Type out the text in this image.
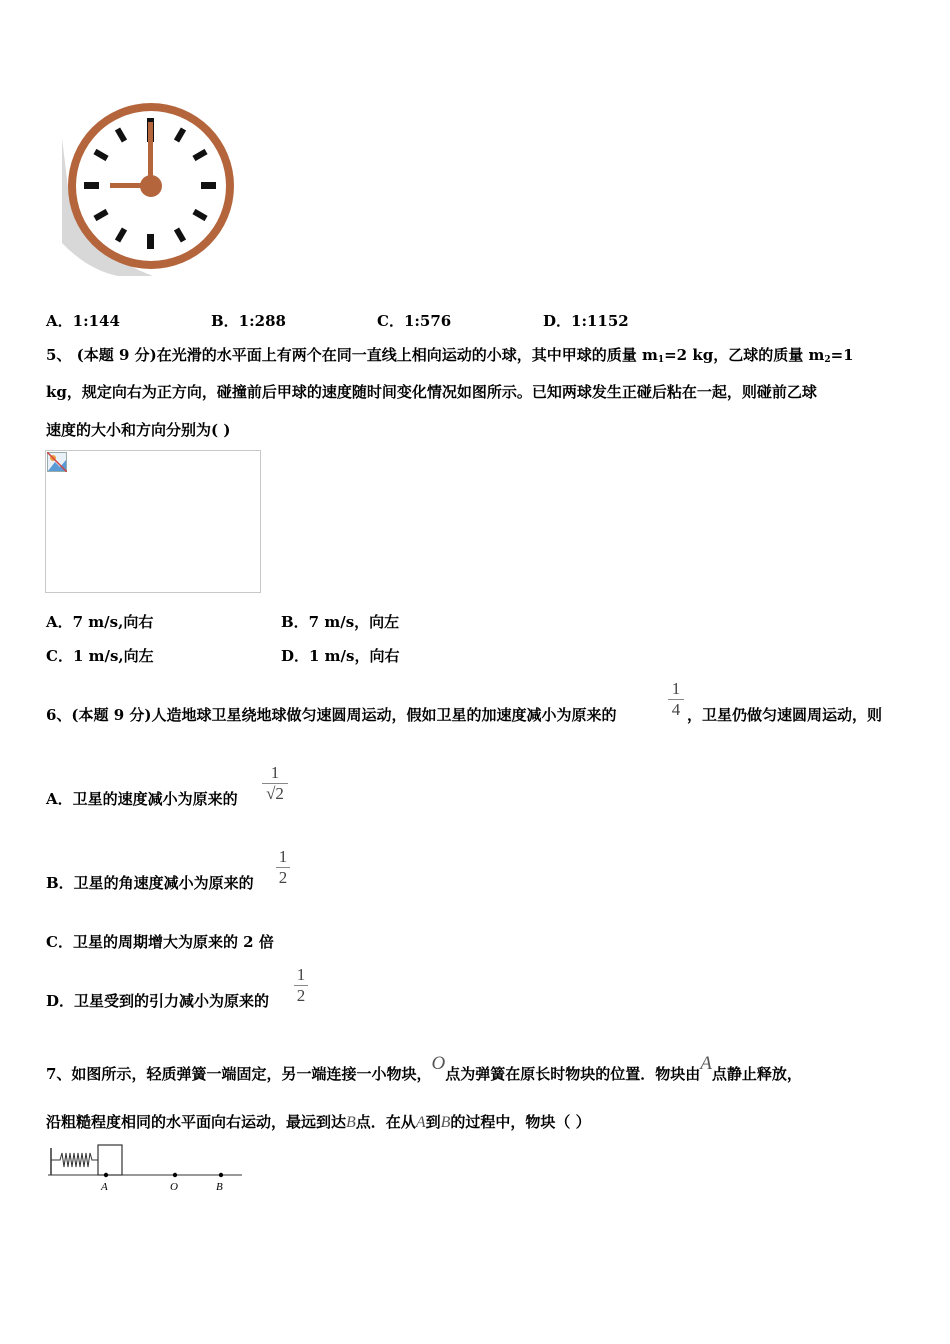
A．1:144	B．1:288	C．1:576	D．1:1152
5、 (本题 9 分)在光滑的水平面上有两个在同一直线上相向运动的小球，其中甲球的质量 $m_1=2$ kg，乙球的质量 $m_2=1$
kg，规定向右为正方向，碰撞前后甲球的速度随时间变化情况如图所示。已知两球发生正碰后粘在一起，则碰前乙球
速度的大小和方向分别为( )
A．7 m/s,向右	B．7 m/s，向左
C．1 m/s,向左	D．1 m/s，向右
6、(本题 9 分)人造地球卫星绕地球做匀速圆周运动，假如卫星的加速度减小为原来的
1
4 ，卫星仍做匀速圆周运动，则
A．卫星的速度减小为原来的
1
√2
B．卫星的角速度减小为原来的
1
2
C．卫星的周期增大为原来的 2 倍
D．卫星受到的引力减小为原来的
1
2
7、如图所示，轻质弹簧一端固定，另一端连接一小物块，O点为弹簧在原长时物块的位置．物块由A点静止释放，
沿粗糙程度相同的水平面向右运动，最远到达B点．在从A到B的过程中，物块（ ）
A	O	B
